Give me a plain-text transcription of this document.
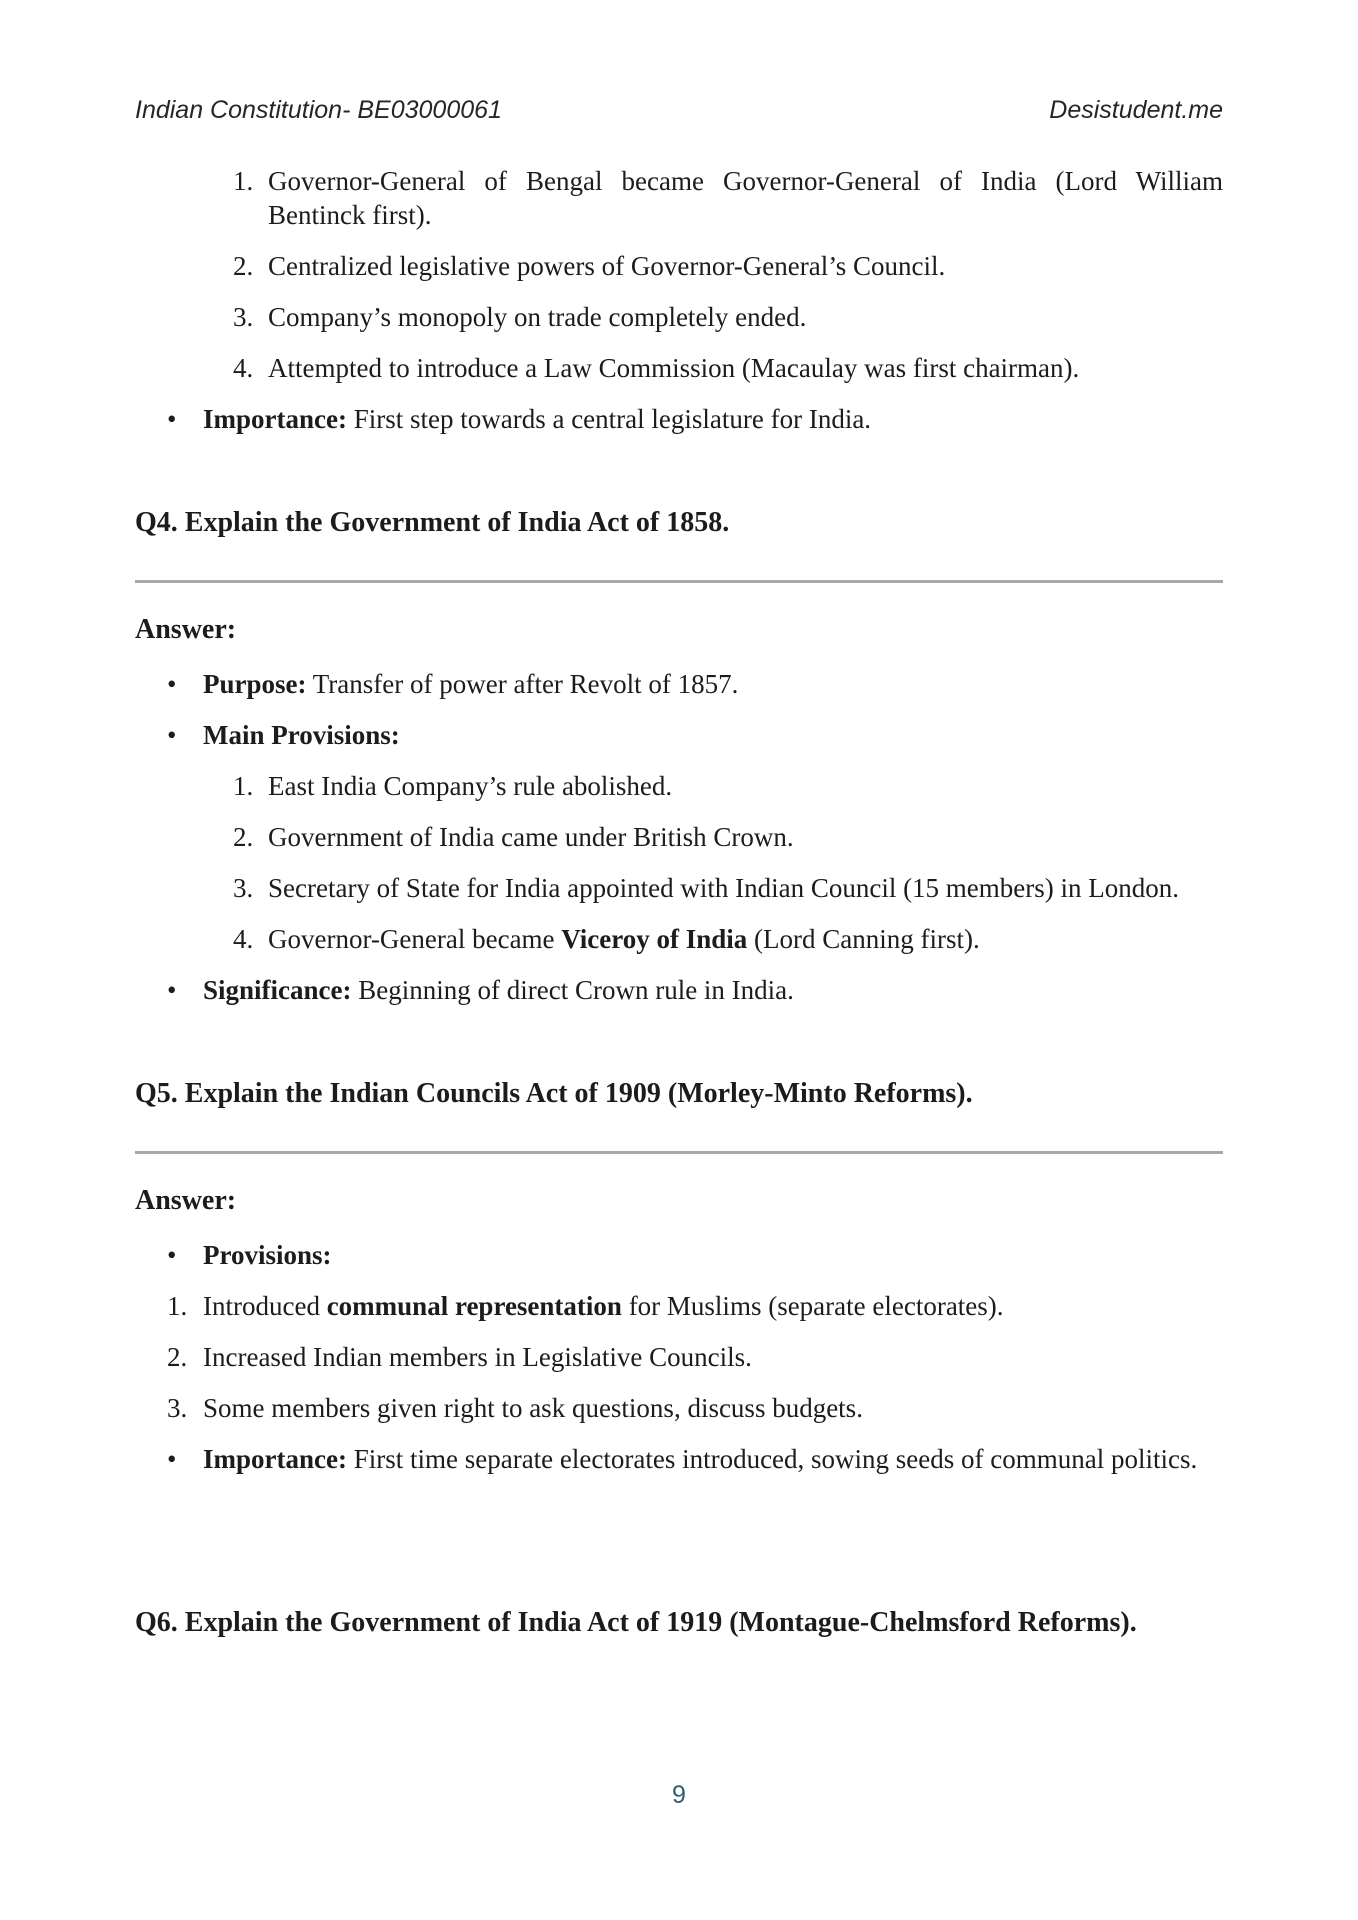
Indian Constitution- BE03000061	Desistudent.me
1. Governor-General of Bengal became Governor-General of India (Lord William Bentinck first).

2. Centralized legislative powers of Governor-General’s Council.

3. Company’s monopoly on trade completely ended.

4. Attempted to introduce a Law Commission (Macaulay was first chairman).

• Importance: First step towards a central legislature for India.

Q4. Explain the Government of India Act of 1858.

Answer:

• Purpose: Transfer of power after Revolt of 1857.

• Main Provisions:

1. East India Company’s rule abolished.

2. Government of India came under British Crown.

3. Secretary of State for India appointed with Indian Council (15 members) in London.

4. Governor-General became Viceroy of India (Lord Canning first).

• Significance: Beginning of direct Crown rule in India.

Q5. Explain the Indian Councils Act of 1909 (Morley-Minto Reforms).

Answer:

• Provisions:

1. Introduced communal representation for Muslims (separate electorates).

2. Increased Indian members in Legislative Councils.

3. Some members given right to ask questions, discuss budgets.

• Importance: First time separate electorates introduced, sowing seeds of communal politics.

Q6. Explain the Government of India Act of 1919 (Montague-Chelmsford Reforms).
9
